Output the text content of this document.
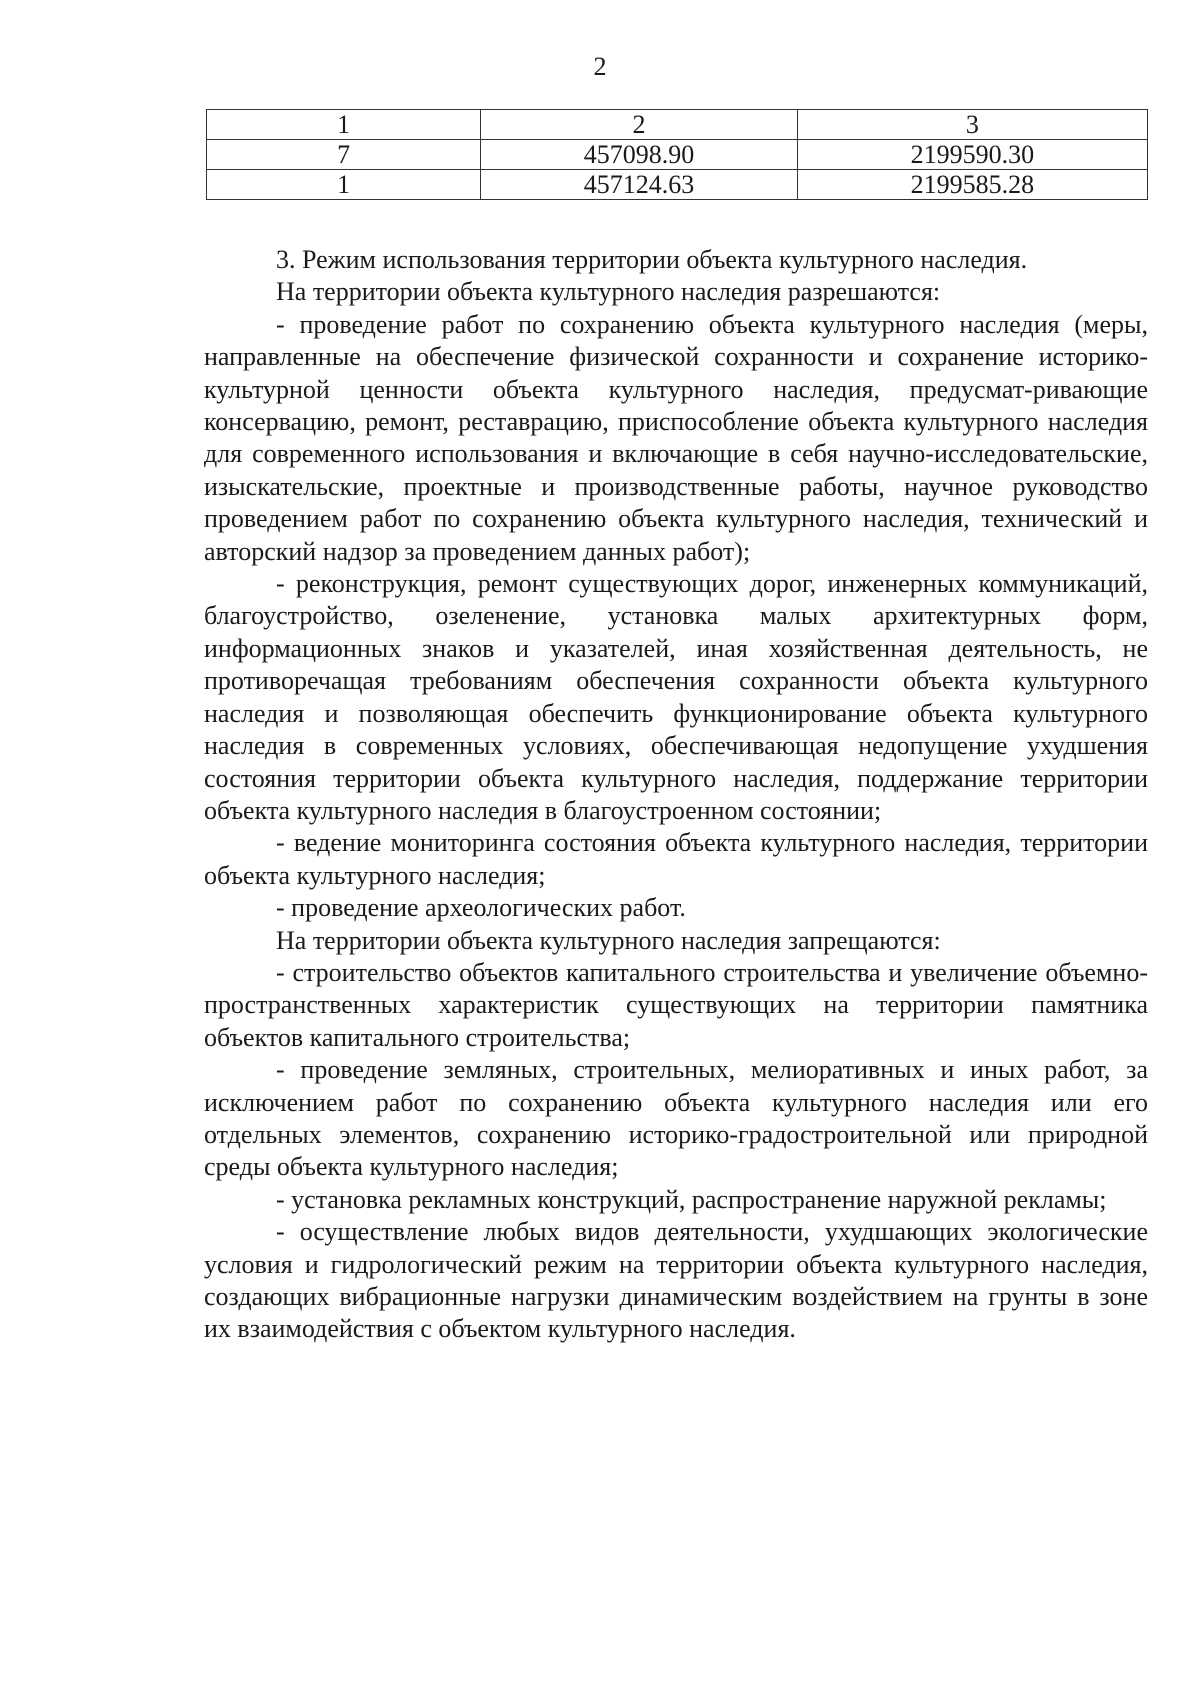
2
1	2	3
7	457098.90	2199590.30
1	457124.63	2199585.28

3. Режим использования территории объекта культурного наследия.

На территории объекта культурного наследия разрешаются:

- проведение работ по сохранению объекта культурного наследия (меры, направленные на обеспечение физической сохранности и сохранение историко-культурной ценности объекта культурного наследия, предусмат-ривающие консервацию, ремонт, реставрацию, приспособление объекта культурного наследия для современного использования и включающие в себя научно-исследовательские, изыскательские, проектные и производственные работы, научное руководство проведением работ по сохранению объекта культурного наследия, технический и авторский надзор за проведением данных работ);

- реконструкция, ремонт существующих дорог, инженерных коммуникаций, благоустройство, озеленение, установка малых архитектурных форм, информационных знаков и указателей, иная хозяйственная деятельность, не противоречащая требованиям обеспечения сохранности объекта культурного наследия и позволяющая обеспечить функционирование объекта культурного наследия в современных условиях, обеспечивающая недопущение ухудшения состояния территории объекта культурного наследия, поддержание территории объекта культурного наследия в благоустроенном состоянии;

- ведение мониторинга состояния объекта культурного наследия, территории объекта культурного наследия;

- проведение археологических работ.

На территории объекта культурного наследия запрещаются:

- строительство объектов капитального строительства и увеличение объемно-пространственных характеристик существующих на территории памятника объектов капитального строительства;

- проведение земляных, строительных, мелиоративных и иных работ, за исключением работ по сохранению объекта культурного наследия или его отдельных элементов, сохранению историко-градостроительной или природной среды объекта культурного наследия;

- установка рекламных конструкций, распространение наружной рекламы;

- осуществление любых видов деятельности, ухудшающих экологические условия и гидрологический режим на территории объекта культурного наследия, создающих вибрационные нагрузки динамическим воздействием на грунты в зоне их взаимодействия с объектом культурного наследия.
